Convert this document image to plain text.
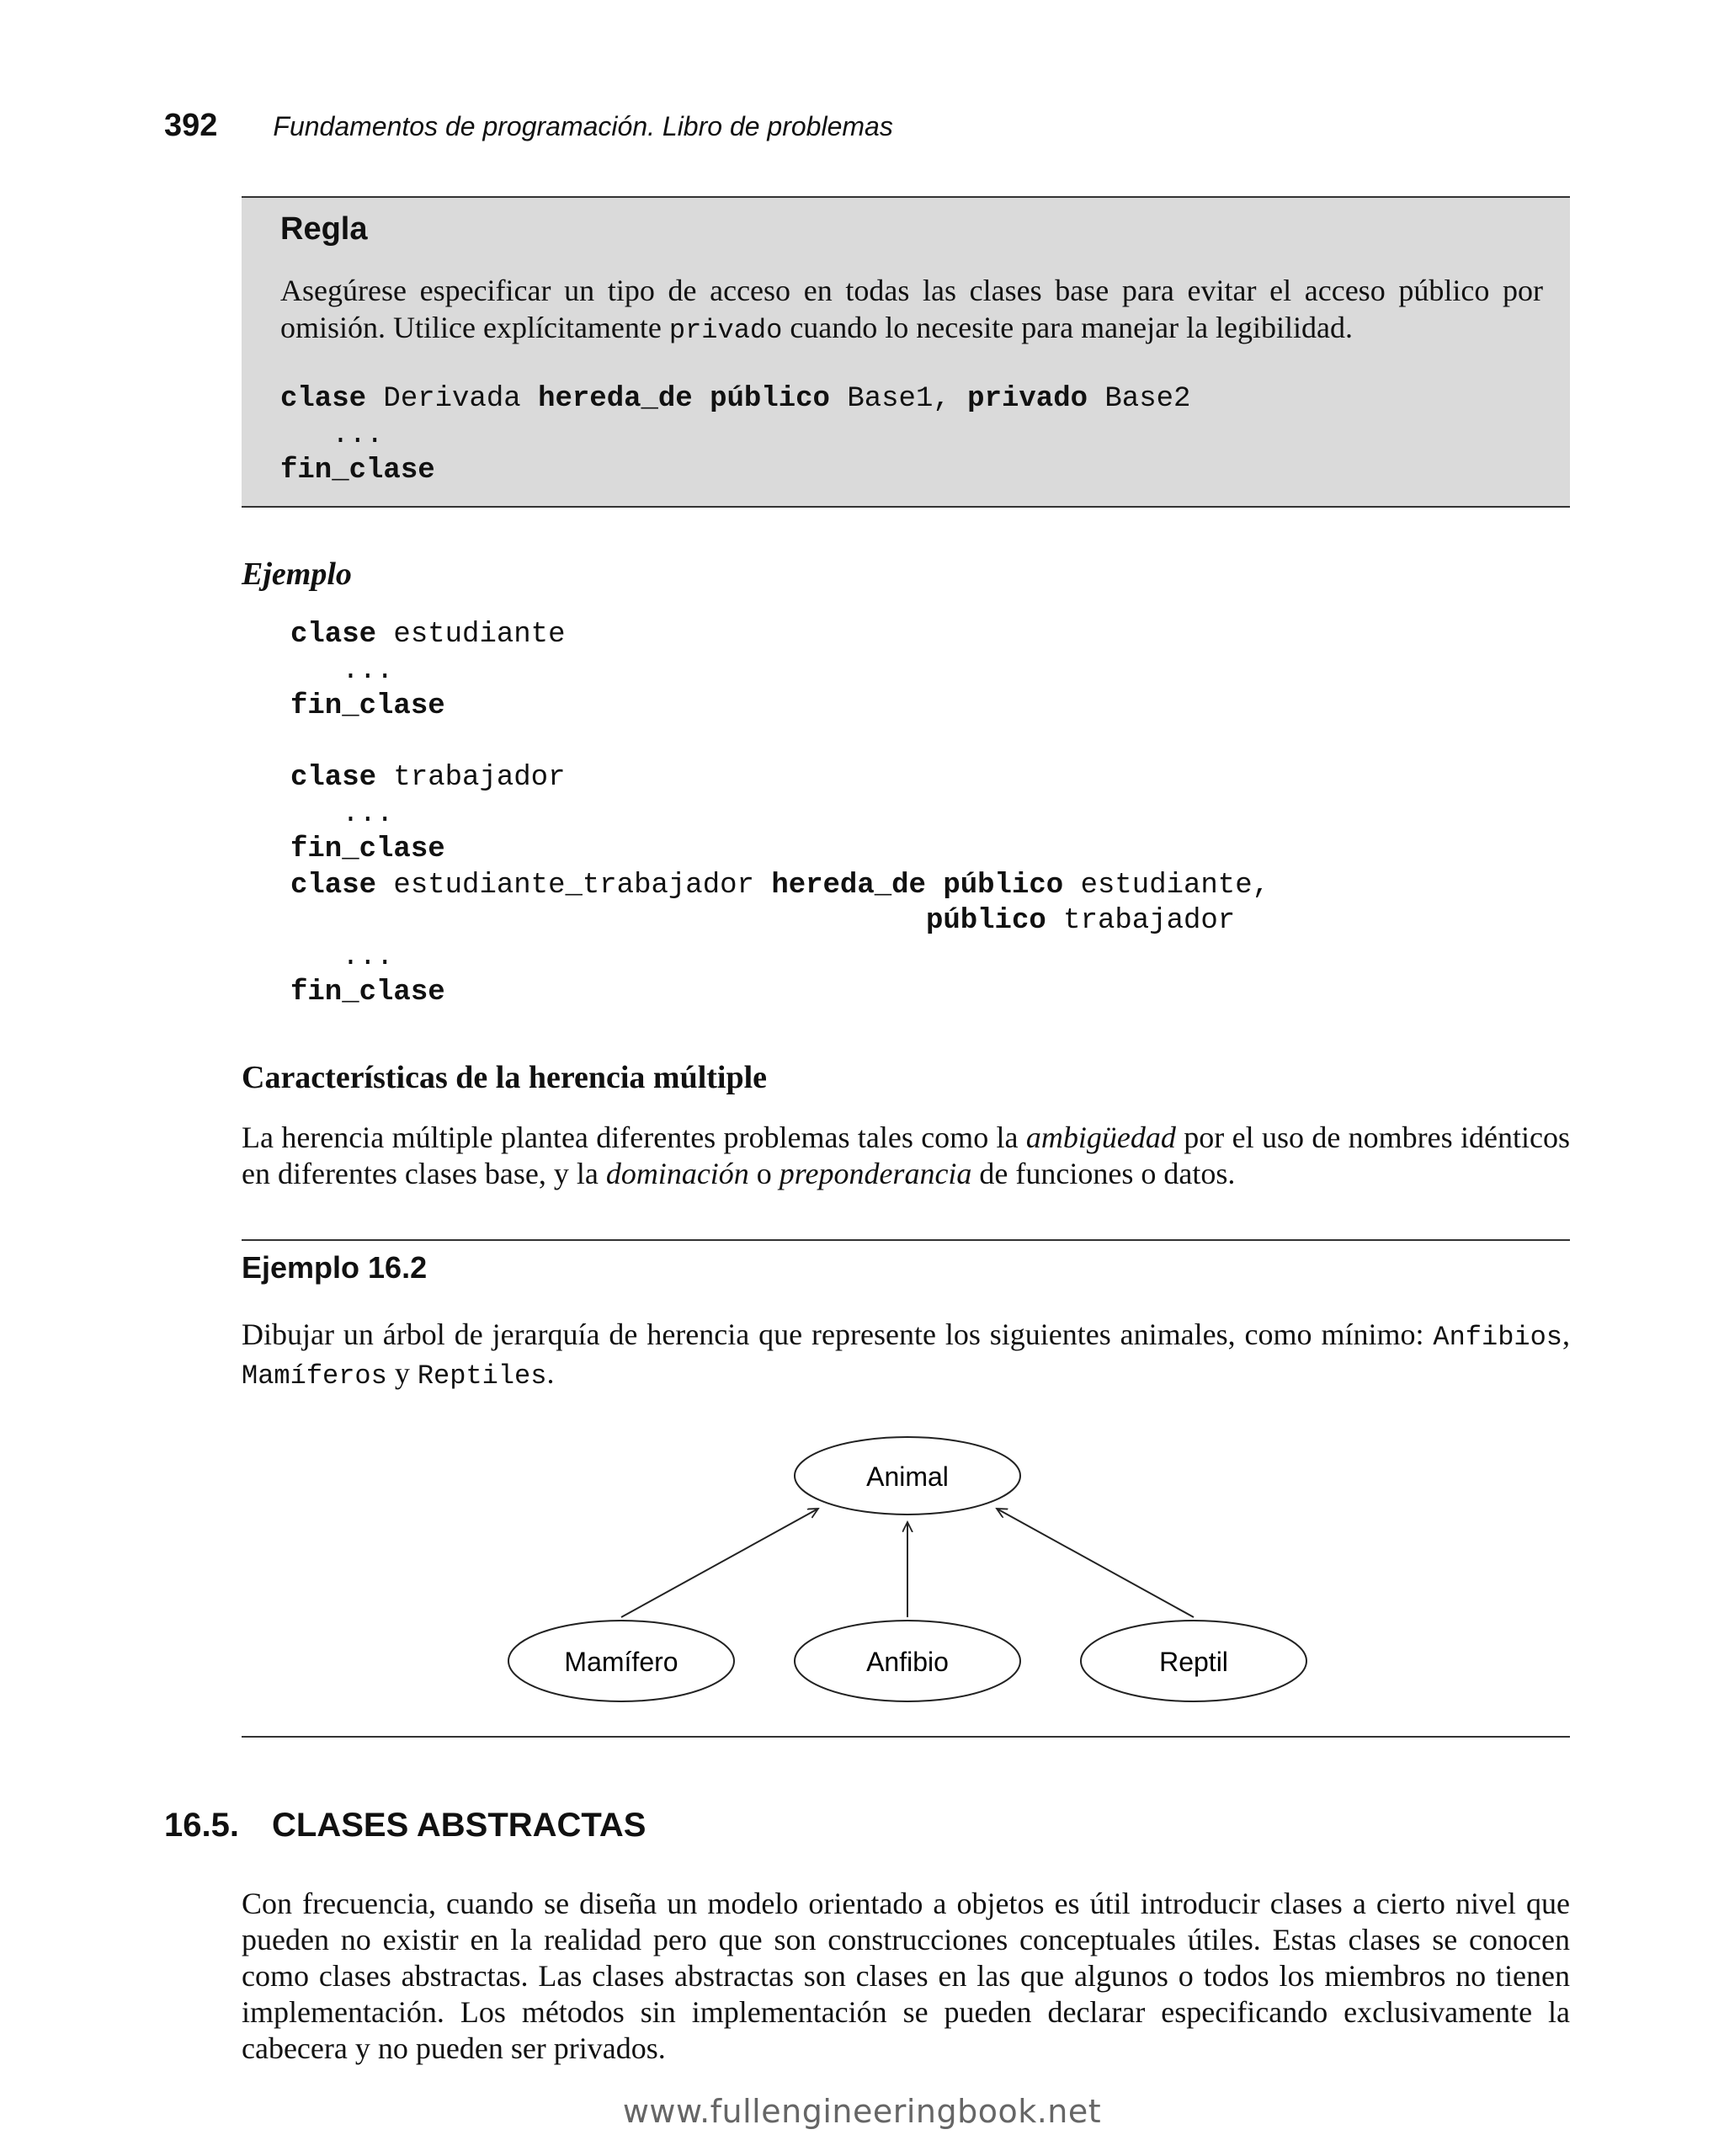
392 Fundamentos de programación. Libro de problemas
Regla
Asegúrese especificar un tipo de acceso en todas las clases base para evitar el acceso público por omisión. Utilice explícitamente privado cuando lo necesite para manejar la legibilidad.
clase Derivada hereda_de público Base1, privado Base2
...
fin_clase
Ejemplo
clase estudiante
...
fin_clase

clase trabajador
...
fin_clase
clase estudiante_trabajador hereda_de público estudiante,
público trabajador
...
fin_clase
Características de la herencia múltiple
La herencia múltiple plantea diferentes problemas tales como la ambigüedad por el uso de nombres idénticos en diferentes clases base, y la dominación o preponderancia de funciones o datos.
Ejemplo 16.2
Dibujar un árbol de jerarquía de herencia que represente los siguientes animales, como mínimo: Anfibios, Mamíferos y Reptiles.
Animal
Mamífero	Anfibio	Reptil
16.5. CLASES ABSTRACTAS
Con frecuencia, cuando se diseña un modelo orientado a objetos es útil introducir clases a cierto nivel que pueden no existir en la realidad pero que son construcciones conceptuales útiles. Estas clases se conocen como clases abstractas. Las clases abstractas son clases en las que algunos o todos los miembros no tienen implementación. Los métodos sin implementación se pueden declarar especificando exclusivamente la cabecera y no pueden ser privados.
www.fullengineeringbook.net
